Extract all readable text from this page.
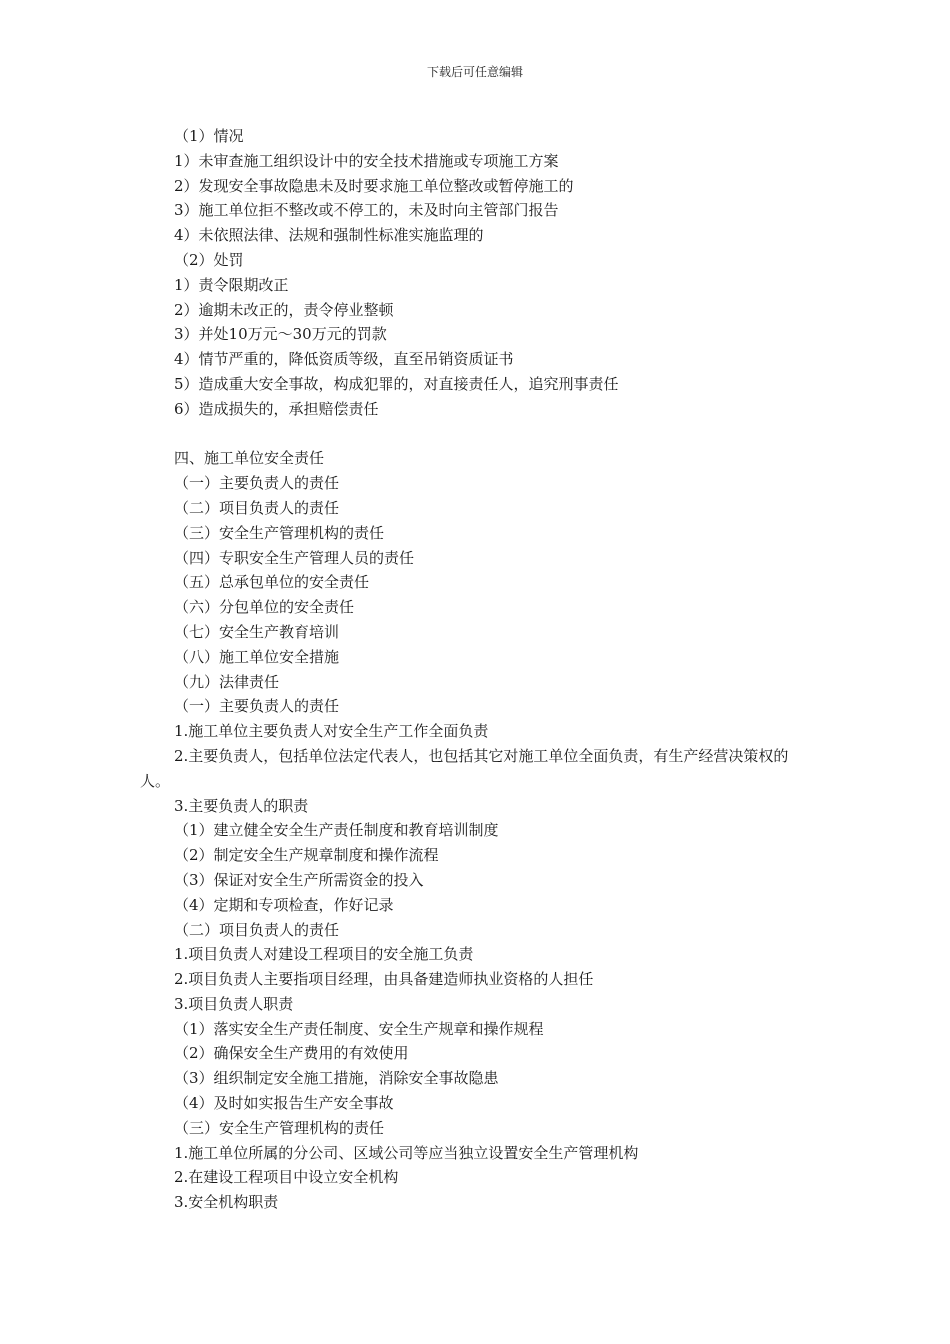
下载后可任意编辑
（1）情况
1）未审查施工组织设计中的安全技术措施或专项施工方案
2）发现安全事故隐患未及时要求施工单位整改或暂停施工的
3）施工单位拒不整改或不停工的，未及时向主管部门报告
4）未依照法律、法规和强制性标准实施监理的
（2）处罚
1）责令限期改正
2）逾期未改正的，责令停业整顿
3）并处10万元～30万元的罚款
4）情节严重的，降低资质等级，直至吊销资质证书
5）造成重大安全事故，构成犯罪的，对直接责任人，追究刑事责任
6）造成损失的，承担赔偿责任
四、施工单位安全责任
（一）主要负责人的责任
（二）项目负责人的责任
（三）安全生产管理机构的责任
（四）专职安全生产管理人员的责任
（五）总承包单位的安全责任
（六）分包单位的安全责任
（七）安全生产教育培训
（八）施工单位安全措施
（九）法律责任
（一）主要负责人的责任
1.施工单位主要负责人对安全生产工作全面负责
2.主要负责人，包括单位法定代表人，也包括其它对施工单位全面负责，有生产经营决策权的人。
3.主要负责人的职责
（1）建立健全安全生产责任制度和教育培训制度
（2）制定安全生产规章制度和操作流程
（3）保证对安全生产所需资金的投入
（4）定期和专项检查，作好记录
（二）项目负责人的责任
1.项目负责人对建设工程项目的安全施工负责
2.项目负责人主要指项目经理，由具备建造师执业资格的人担任
3.项目负责人职责
（1）落实安全生产责任制度、安全生产规章和操作规程
（2）确保安全生产费用的有效使用
（3）组织制定安全施工措施，消除安全事故隐患
（4）及时如实报告生产安全事故
（三）安全生产管理机构的责任
1.施工单位所属的分公司、区域公司等应当独立设置安全生产管理机构
2.在建设工程项目中设立安全机构
3.安全机构职责
